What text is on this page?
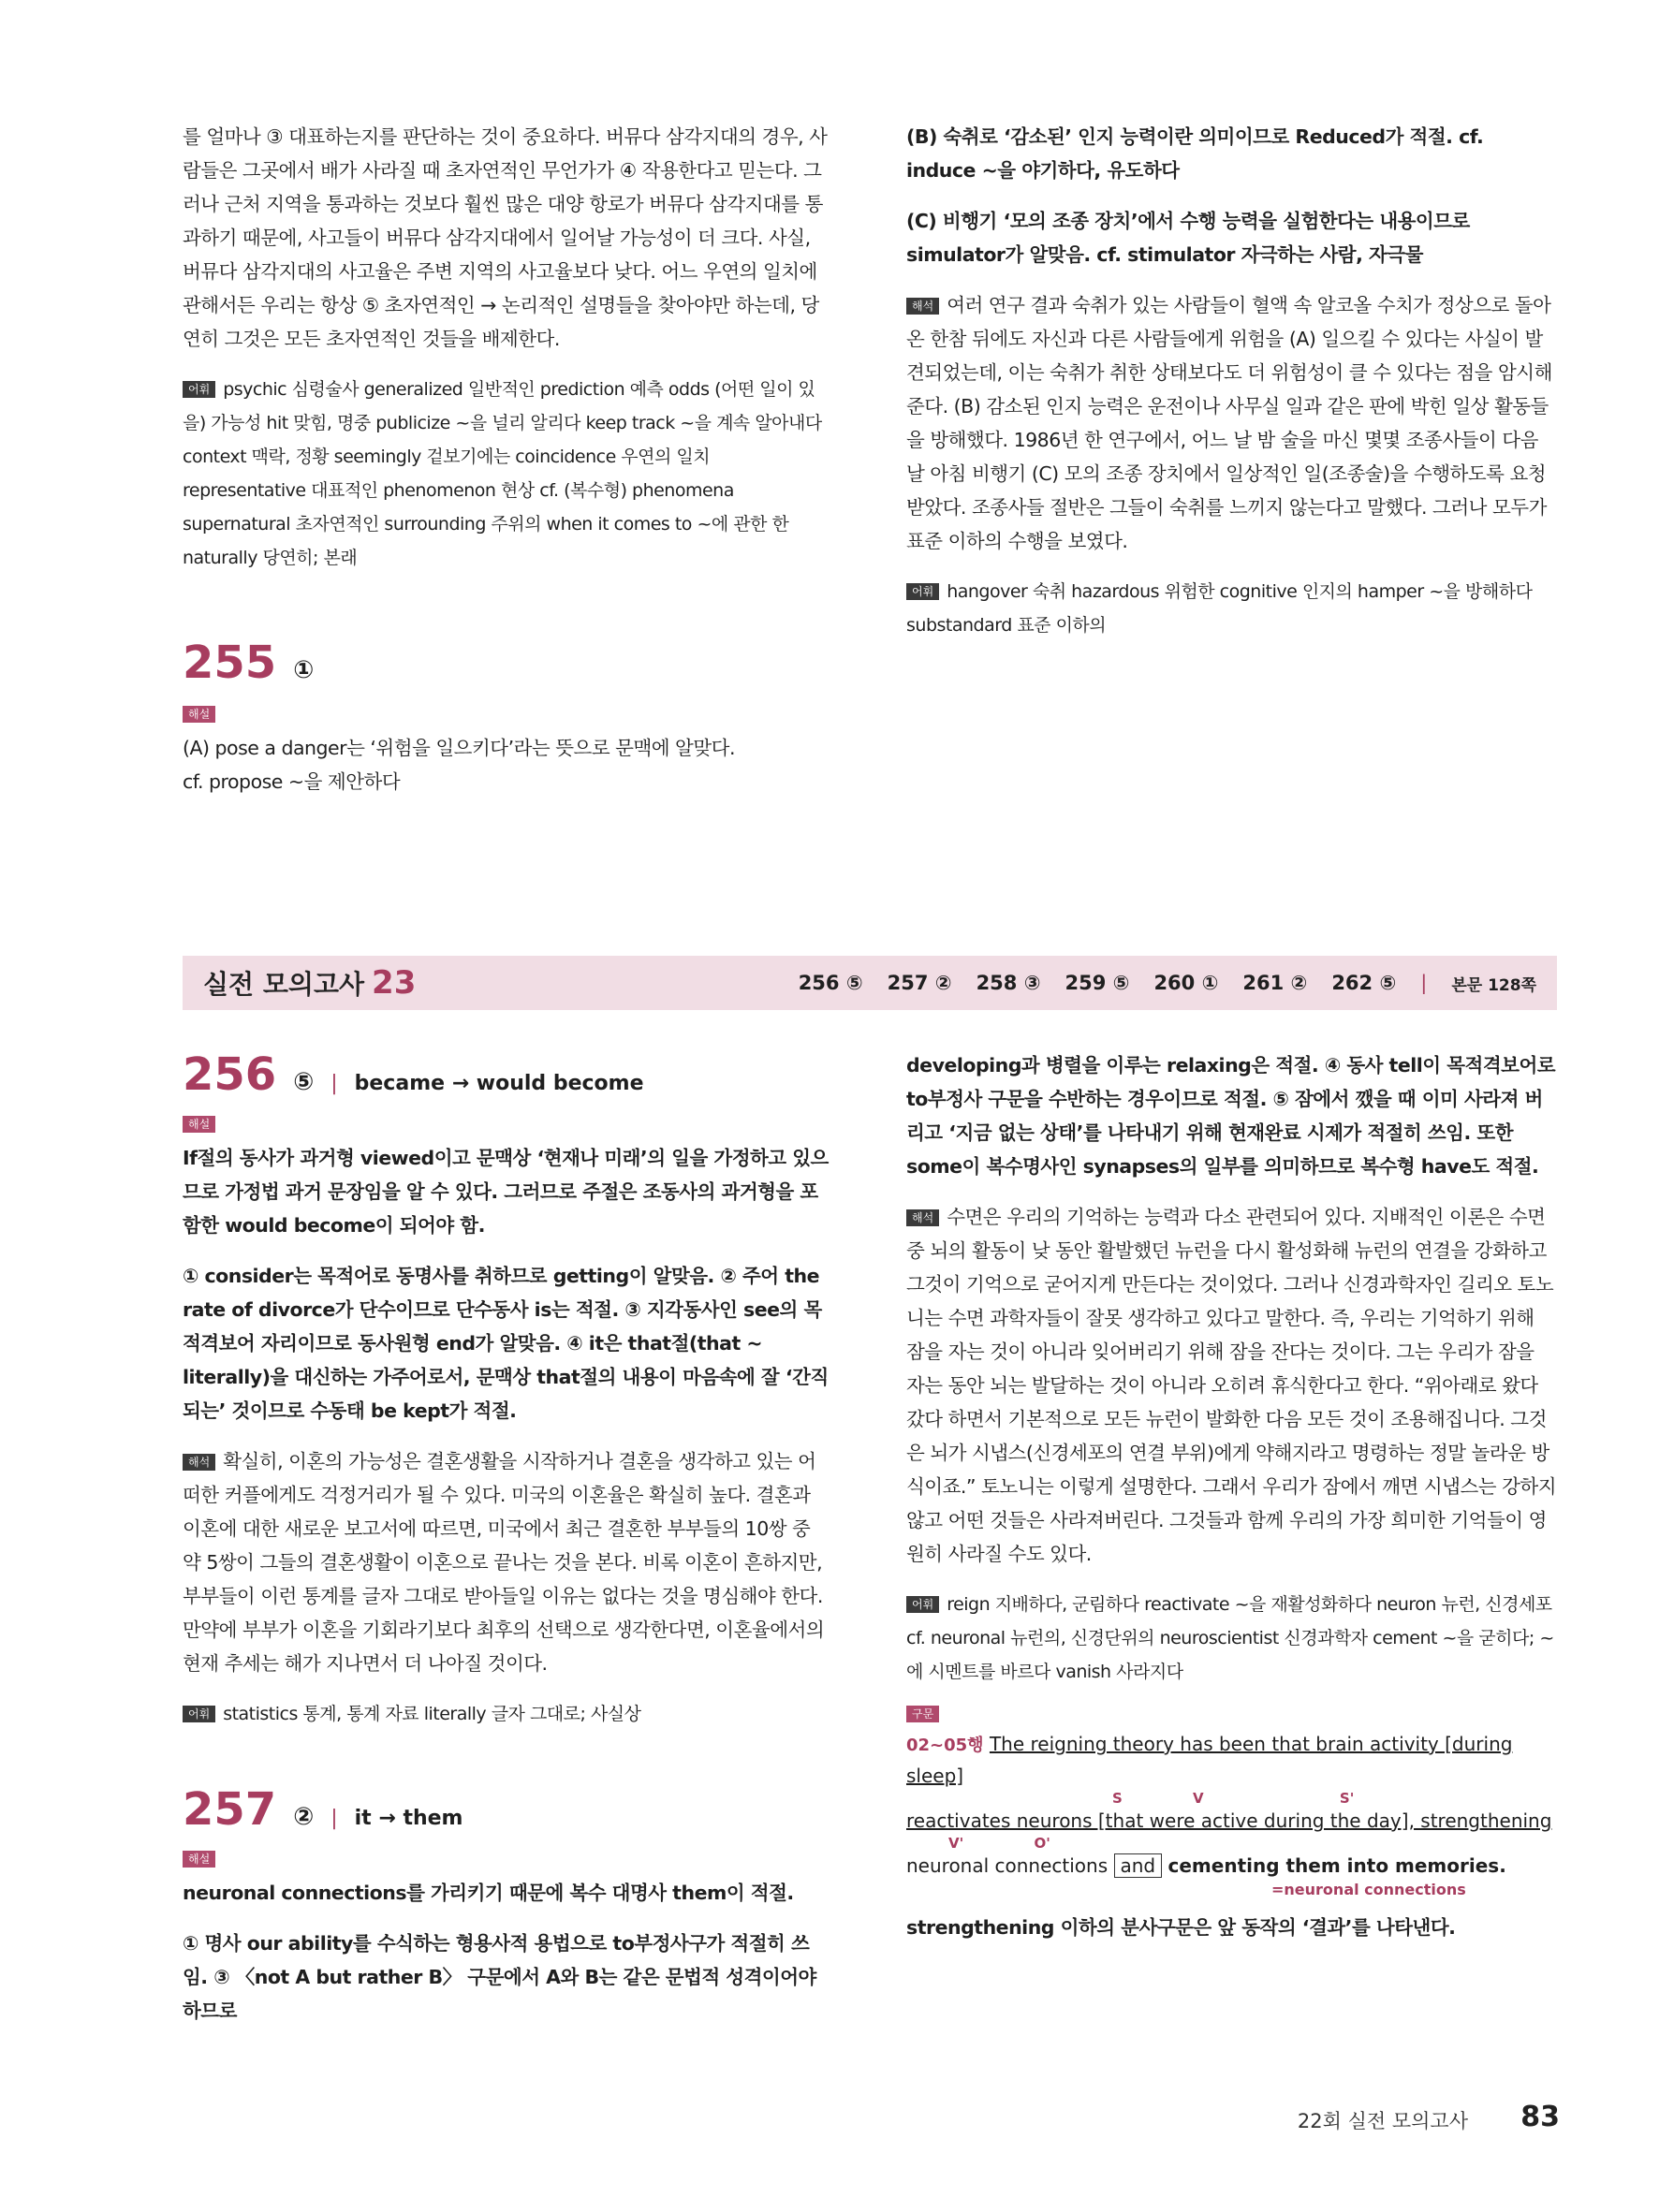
를 얼마나 ③ 대표하는지를 판단하는 것이 중요하다. 버뮤다 삼각지대의 경우, 사람들은 그곳에서 배가 사라질 때 초자연적인 무언가가 ④ 작용한다고 믿는다. 그러나 근처 지역을 통과하는 것보다 훨씬 많은 대양 항로가 버뮤다 삼각지대를 통과하기 때문에, 사고들이 버뮤다 삼각지대에서 일어날 가능성이 더 크다. 사실, 버뮤다 삼각지대의 사고율은 주변 지역의 사고율보다 낮다. 어느 우연의 일치에 관해서든 우리는 항상 ⑤ 초자연적인 → 논리적인 설명들을 찾아야만 하는데, 당연히 그것은 모든 초자연적인 것들을 배제한다.

어휘 psychic 심령술사 generalized 일반적인 prediction 예측 odds (어떤 일이 있을) 가능성 hit 맞힘, 명중 publicize ~을 널리 알리다 keep track ~을 계속 알아내다 context 맥락, 정황 seemingly 겉보기에는 coincidence 우연의 일치 representative 대표적인 phenomenon 현상 cf. (복수형) phenomena supernatural 초자연적인 surrounding 주위의 when it comes to ~에 관한 한 naturally 당연히; 본래

255 ①
해설

(A) pose a danger는 ‘위험을 일으키다’라는 뜻으로 문맥에 알맞다.

cf. propose ~을 제안하다

(B) 숙취로 ‘감소된’ 인지 능력이란 의미이므로 Reduced가 적절. cf. induce ~을 야기하다, 유도하다

(C) 비행기 ‘모의 조종 장치’에서 수행 능력을 실험한다는 내용이므로 simulator가 알맞음. cf. stimulator 자극하는 사람, 자극물

해석 여러 연구 결과 숙취가 있는 사람들이 혈액 속 알코올 수치가 정상으로 돌아온 한참 뒤에도 자신과 다른 사람들에게 위험을 (A) 일으킬 수 있다는 사실이 발견되었는데, 이는 숙취가 취한 상태보다도 더 위험성이 클 수 있다는 점을 암시해 준다. (B) 감소된 인지 능력은 운전이나 사무실 일과 같은 판에 박힌 일상 활동들을 방해했다. 1986년 한 연구에서, 어느 날 밤 술을 마신 몇몇 조종사들이 다음 날 아침 비행기 (C) 모의 조종 장치에서 일상적인 일(조종술)을 수행하도록 요청받았다. 조종사들 절반은 그들이 숙취를 느끼지 않는다고 말했다. 그러나 모두가 표준 이하의 수행을 보였다.

어휘 hangover 숙취 hazardous 위험한 cognitive 인지의 hamper ~을 방해하다 substandard 표준 이하의

실전 모의고사 23	256 ⑤ 257 ② 258 ③ 259 ⑤ 260 ① 261 ② 262 ⑤ | 본문 128쪽
256 ⑤ | became → would become
해설

If절의 동사가 과거형 viewed이고 문맥상 ‘현재나 미래’의 일을 가정하고 있으므로 가정법 과거 문장임을 알 수 있다. 그러므로 주절은 조동사의 과거형을 포함한 would become이 되어야 함.

① consider는 목적어로 동명사를 취하므로 getting이 알맞음. ② 주어 the rate of divorce가 단수이므로 단수동사 is는 적절. ③ 지각동사인 see의 목적격보어 자리이므로 동사원형 end가 알맞음. ④ it은 that절(that ~ literally)을 대신하는 가주어로서, 문맥상 that절의 내용이 마음속에 잘 ‘간직되는’ 것이므로 수동태 be kept가 적절.

해석 확실히, 이혼의 가능성은 결혼생활을 시작하거나 결혼을 생각하고 있는 어떠한 커플에게도 걱정거리가 될 수 있다. 미국의 이혼율은 확실히 높다. 결혼과 이혼에 대한 새로운 보고서에 따르면, 미국에서 최근 결혼한 부부들의 10쌍 중 약 5쌍이 그들의 결혼생활이 이혼으로 끝나는 것을 본다. 비록 이혼이 흔하지만, 부부들이 이런 통계를 글자 그대로 받아들일 이유는 없다는 것을 명심해야 한다. 만약에 부부가 이혼을 기회라기보다 최후의 선택으로 생각한다면, 이혼율에서의 현재 추세는 해가 지나면서 더 나아질 것이다.

어휘 statistics 통계, 통계 자료 literally 글자 그대로; 사실상

257 ② | it → them
해설

neuronal connections를 가리키기 때문에 복수 대명사 them이 적절.

① 명사 our ability를 수식하는 형용사적 용법으로 to부정사구가 적절히 쓰임. ③ 〈not A but rather B〉 구문에서 A와 B는 같은 문법적 성격이어야 하므로

developing과 병렬을 이루는 relaxing은 적절. ④ 동사 tell이 목적격보어로 to부정사 구문을 수반하는 경우이므로 적절. ⑤ 잠에서 깼을 때 이미 사라져 버리고 ‘지금 없는 상태’를 나타내기 위해 현재완료 시제가 적절히 쓰임. 또한 some이 복수명사인 synapses의 일부를 의미하므로 복수형 have도 적절.

해석 수면은 우리의 기억하는 능력과 다소 관련되어 있다. 지배적인 이론은 수면 중 뇌의 활동이 낮 동안 활발했던 뉴런을 다시 활성화해 뉴런의 연결을 강화하고 그것이 기억으로 굳어지게 만든다는 것이었다. 그러나 신경과학자인 길리오 토노니는 수면 과학자들이 잘못 생각하고 있다고 말한다. 즉, 우리는 기억하기 위해 잠을 자는 것이 아니라 잊어버리기 위해 잠을 잔다는 것이다. 그는 우리가 잠을 자는 동안 뇌는 발달하는 것이 아니라 오히려 휴식한다고 한다. “위아래로 왔다 갔다 하면서 기본적으로 모든 뉴런이 발화한 다음 모든 것이 조용해집니다. 그것은 뇌가 시냅스(신경세포의 연결 부위)에게 약해지라고 명령하는 정말 놀라운 방식이죠.” 토노니는 이렇게 설명한다. 그래서 우리가 잠에서 깨면 시냅스는 강하지 않고 어떤 것들은 사라져버린다. 그것들과 함께 우리의 가장 희미한 기억들이 영원히 사라질 수도 있다.

어휘 reign 지배하다, 군림하다 reactivate ~을 재활성화하다 neuron 뉴런, 신경세포 cf. neuronal 뉴런의, 신경단위의 neuroscientist 신경과학자 cement ~을 굳히다; ~에 시멘트를 바르다 vanish 사라지다

구문
02~05행 The reigning theory has been that brain activity [during sleep]
S	V	S'
reactivates neurons [that were active during the day], strengthening
V'	O'
neuronal connections and cementing them into memories.
=neuronal connections

strengthening 이하의 분사구문은 앞 동작의 ‘결과’를 나타낸다.

22회 실전 모의고사 83
